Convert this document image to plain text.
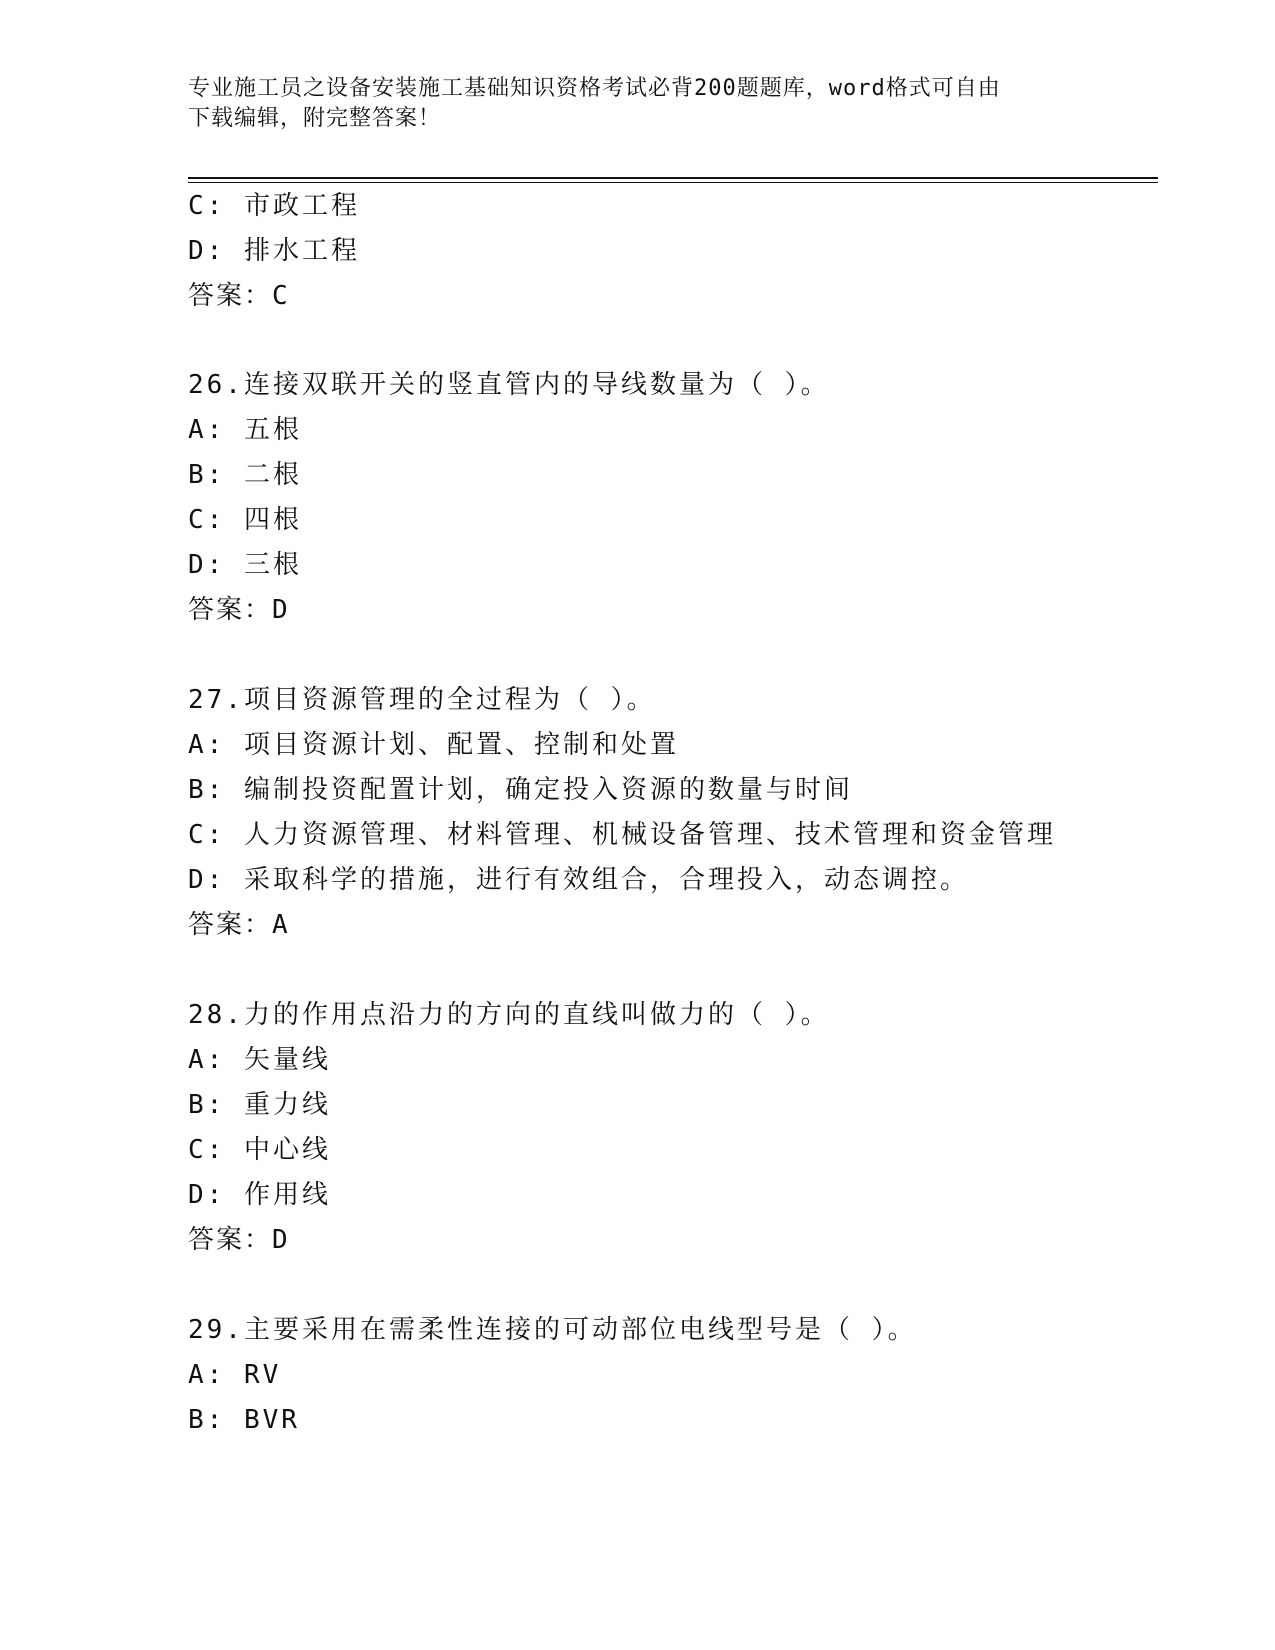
专业施工员之设备安装施工基础知识资格考试必背200题题库，word格式可自由
下载编辑，附完整答案！
C: 市政工程
D: 排水工程
答案：C
26.连接双联开关的竖直管内的导线数量为（ ）。
A: 五根
B: 二根
C: 四根
D: 三根
答案：D
27.项目资源管理的全过程为（ ）。
A: 项目资源计划、配置、控制和处置
B: 编制投资配置计划，确定投入资源的数量与时间
C: 人力资源管理、材料管理、机械设备管理、技术管理和资金管理
D: 采取科学的措施，进行有效组合，合理投入，动态调控。
答案：A
28.力的作用点沿力的方向的直线叫做力的（ ）。
A: 矢量线
B: 重力线
C: 中心线
D: 作用线
答案：D
29.主要采用在需柔性连接的可动部位电线型号是（ ）。
A: RV
B: BVR
